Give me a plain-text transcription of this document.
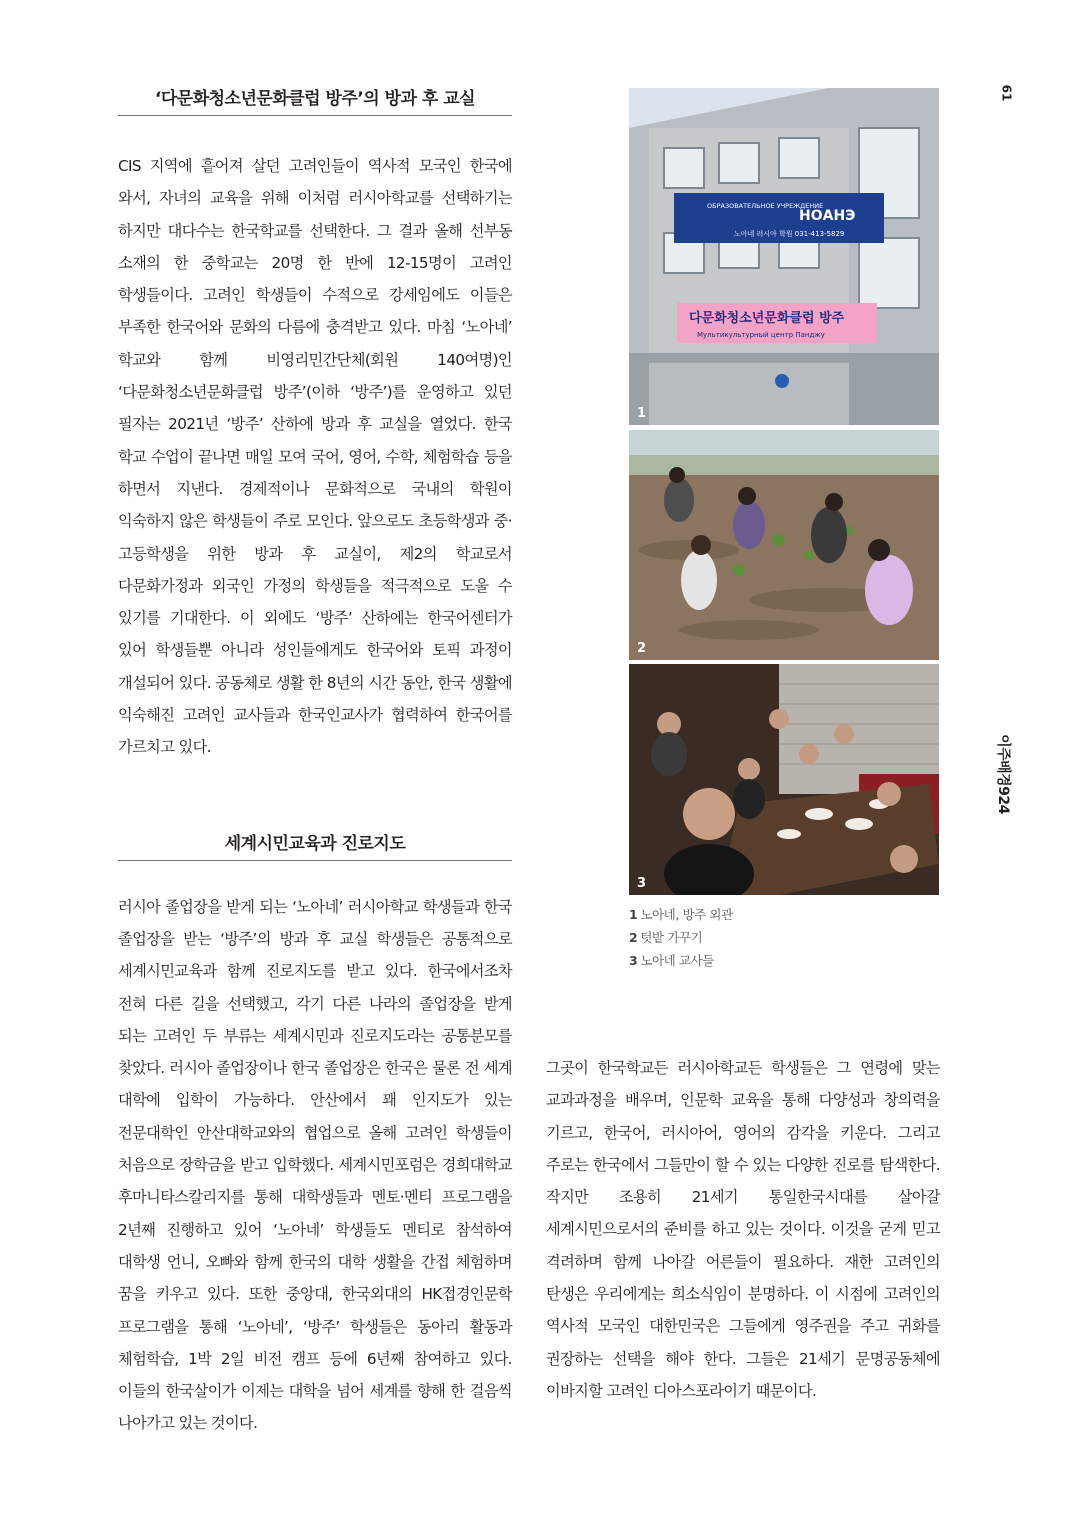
‘다문화청소년문화클럽 방주’의 방과 후 교실

CIS 지역에 흩어져 살던 고려인들이 역사적 모국인 한국에 와서, 자녀의 교육을 위해 이처럼 러시아학교를 선택하기는 하지만 대다수는 한국학교를 선택한다. 그 결과 올해 선부동 소재의 한 중학교는 20명 한 반에 12-15명이 고려인 학생들이다. 고려인 학생들이 수적으로 강세임에도 이들은 부족한 한국어와 문화의 다름에 충격받고 있다. 마침 ‘노아네’ 학교와 함께 비영리민간단체(회원 140여명)인 ‘다문화청소년문화클럽 방주’(이하 ‘방주’)를 운영하고 있던 필자는 2021년 ‘방주’ 산하에 방과 후 교실을 열었다. 한국 학교 수업이 끝나면 매일 모여 국어, 영어, 수학, 체험학습 등을 하면서 지낸다. 경제적이나 문화적으로 국내의 학원이 익숙하지 않은 학생들이 주로 모인다. 앞으로도 초등학생과 중·고등학생을 위한 방과 후 교실이, 제2의 학교로서 다문화가정과 외국인 가정의 학생들을 적극적으로 도울 수 있기를 기대한다. 이 외에도 ‘방주’ 산하에는 한국어센터가 있어 학생들뿐 아니라 성인들에게도 한국어와 토픽 과정이 개설되어 있다. 공동체로 생활 한 8년의 시간 동안, 한국 생활에 익숙해진 고려인 교사들과 한국인교사가 협력하여 한국어를 가르치고 있다.

세계시민교육과 진로지도

러시아 졸업장을 받게 되는 ‘노아네’ 러시아학교 학생들과 한국 졸업장을 받는 ‘방주’의 방과 후 교실 학생들은 공통적으로 세계시민교육과 함께 진로지도를 받고 있다. 한국에서조차 전혀 다른 길을 선택했고, 각기 다른 나라의 졸업장을 받게 되는 고려인 두 부류는 세계시민과 진로지도라는 공통분모를 찾았다. 러시아 졸업장이나 한국 졸업장은 한국은 물론 전 세계 대학에 입학이 가능하다. 안산에서 꽤 인지도가 있는 전문대학인 안산대학교와의 협업으로 올해 고려인 학생들이 처음으로 장학금을 받고 입학했다. 세계시민포럼은 경희대학교 후마니타스칼리지를 통해 대학생들과 멘토·멘티 프로그램을 2년째 진행하고 있어 ‘노아네’ 학생들도 멘티로 참석하여 대학생 언니, 오빠와 함께 한국의 대학 생활을 간접 체험하며 꿈을 키우고 있다. 또한 중앙대, 한국외대의 HK접경인문학 프로그램을 통해 ‘노아네’, ‘방주’ 학생들은 동아리 활동과 체험학습, 1박 2일 비전 캠프 등에 6년째 참여하고 있다. 이들의 한국살이가 이제는 대학을 넘어 세계를 향해 한 걸음씩 나아가고 있는 것이다.

그곳이 한국학교든 러시아학교든 학생들은 그 연령에 맞는 교과과정을 배우며, 인문학 교육을 통해 다양성과 창의력을 기르고, 한국어, 러시아어, 영어의 감각을 키운다. 그리고 주로는 한국에서 그들만이 할 수 있는 다양한 진로를 탐색한다. 작지만 조용히 21세기 통일한국시대를 살아갈 세계시민으로서의 준비를 하고 있는 것이다. 이것을 굳게 믿고 격려하며 함께 나아갈 어른들이 필요하다. 재한 고려인의 탄생은 우리에게는 희소식임이 분명하다. 이 시점에 고려인의 역사적 모국인 대한민국은 그들에게 영주권을 주고 귀화를 권장하는 선택을 해야 한다. 그들은 21세기 문명공동체에 이바지할 고려인 디아스포라이기 때문이다.

ОБРАЗОВАТЕЛЬНОЕ УЧРЕЖДЕНИЕ
НОАНЭ
노아네 러시아 학원 031-413-5829
다문화청소년문화클럽 방주
Мультикультурный центр Панджу
1
2
3
1 노아네, 방주 외관
2 텃밭 가꾸기
3 노아네 교사들
61
이주배경924
